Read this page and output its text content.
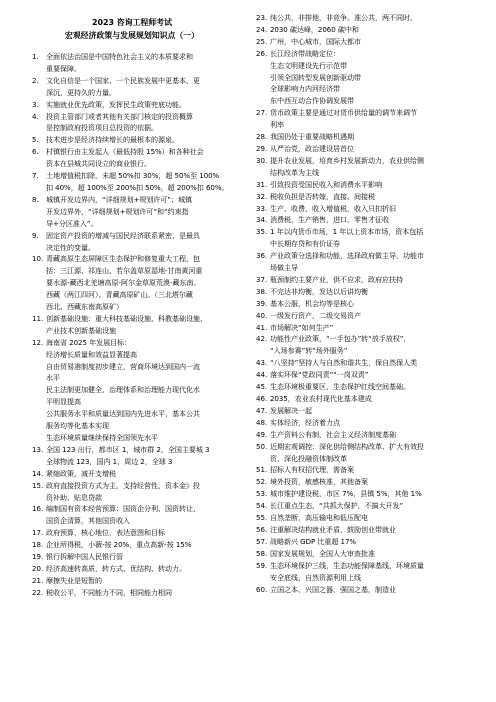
2023 咨询工程师考试
宏观经济政策与发展规划知识点（一）
1.	全面依法治国是中国特色社会主义的本质要求和
重要保障。
2.	文化自信是一个国家、一个民族发展中更基本、更
深沉、更持久的力量。
3.	实施就业优先政策，发挥民生政策兜底功能。
4.	投资主管部门或者其他有关部门核定的投资概算
是控制政府投资项目总投资的依据。
5.	技术进步是经济持续增长的最根本的源泉。
6.	村镇银行由主发起人（最低持股 15%）和各种社会
资本在县城共同设立的商业银行。
7.	土地增值税扣除，未超 50%扣 30%，超 50%至 100%
扣 40%，超 100%至 200%扣 50%，超 200%扣 60%。
8.	城镇开发边界内，“详细规划+规划许可”；城镇
开发边界外，“详细规划+规划许可”和“约束指
导+分区准入”。
9.	固定资产投资的增减与国民经济联系紧密、是最具
决定性的变量。
10. 青藏高原生态屏障区生态保护和修复重大工程，包
括：三江源、祁连山、若尔盖草原湿地-甘南黄河重
要水源-藏西北羌塘高原-阿尔金草原荒漠-藏东南、
西藏（两江四河）、青藏高原矿山。（三北塔尔藏
西北、西藏东南高原矿）
11. 创新基础设施：重大科技基础设施、科教基础设施、
产业技术创新基础设施
12. 海南省 2025 年发展目标：
经济增长质量和效益显著提高
自由贸易港制度初步建立，营商环境达到国内一流
水平
民主法制更加健全，治理体系和治理能力现代化水
平明显提高
公共服务水平和质量达到国内先进水平，基本公共
服务均等化基本实现
生态环境质量继续保持全国领先水平
13. 全国 123 出行，都市区 1，城市群 2，全国主要城 3
全球物流 123，国内 1，周边 2，全球 3
14. 紧缩政策，减开支增税
15. 政府直接投资方式为主，支持经营性，资本金》投
资补助、贴息贷款
16. 编制国有资本经营预算：国资企分利、国资转让、
国资企清算，其他国资收入
17. 政府预算，核心地位，表达意图和目标
18. 企业所得税，小薇-按 20%，重点高新-按 15%
19. 银行拆解中国人民银行管
20. 经济高速转高质，转方式、优结构、转动力。
21. 摩擦失业是短暂的
22. 税收公平，不同能力不同，相同能力相同
23. 纯公共，非排他，非竞争。准公共，两不同时。
24. 2030 碳达峰，2060 碳中和
25. 广州，中心城市，国际大都市
26. 长江经济带战略定位：
生态文明建设先行示范带
引领全国转型发展创新驱动带
全球影响力内河经济带
东中西互动合作协调发展带
27. 货币政策主要是通过对货币供给量的调节来调节
利率
28. 我国仍处于重要战略机遇期
29. 从严治党，政治建设居首位
30. 提升农业发展，培育乡村发展新动力，农业供给侧
结构改革为主线
31. 引致投资受国民收入和消费水平影响
32. 税收负担是否转嫁，直接、间接税
33. 生产、收费、收入增值税，收入只扣折旧
34. 消费税，生产销售，进口、零售才征收
35. 1 年以内货币市场，1 年以上资本市场，资本包括
中长期存贷和有价证券
36. 产业政策分选择和功能，选择政府做主导，功能市
场做主导
37. 瓶颈制约主要产业，供不应求，政府应扶持
38. 不完达非均衡，发达以后讲均衡
39. 基本公服，机会均等是核心
40. 一级发行资产，二级交易资产
41. 市场解决“如何生产”
42. 功能性产业政策，“一手包办”转“放手放权”，
“入场参赛”转“场外服务”
43. “八坚持”坚持人与自然和谐共生，保自然保人类
44. 落实环保“党政同责”“一岗双责”
45. 生态环境极重要区，生态保护红线空间基础。
46. 2035，农业农村现代化基本建成
47. 发展解决一起
48. 实体经济，经济着力点
49. 生产资料公有制，社会主义经济制度基础
50. 近期宏观调控：深化供给侧结构改革、扩大有效投
资、深化投融资体制改革
51. 招标人有权招代理，需备案
52. 境外投资，敏感核准，其他备案
53. 城市维护建设税，市区 7%，县镇 5%，其他 1%
54. 长江重点生态，“共抓大保护，不搞大开发”
55. 自然垄断，高压输电和低压配电
56. 注重解决结构就业矛盾，鼓励创业带就业
57. 战略新兴 GDP 比重超 17%
58. 国家发展规划，全国人大审查批准
59. 生态环境保护三线，生态功能保障基线，环境质量
安全底线，自然资源利用上线
60. 立国之本、兴国之器、强国之基，制造业
